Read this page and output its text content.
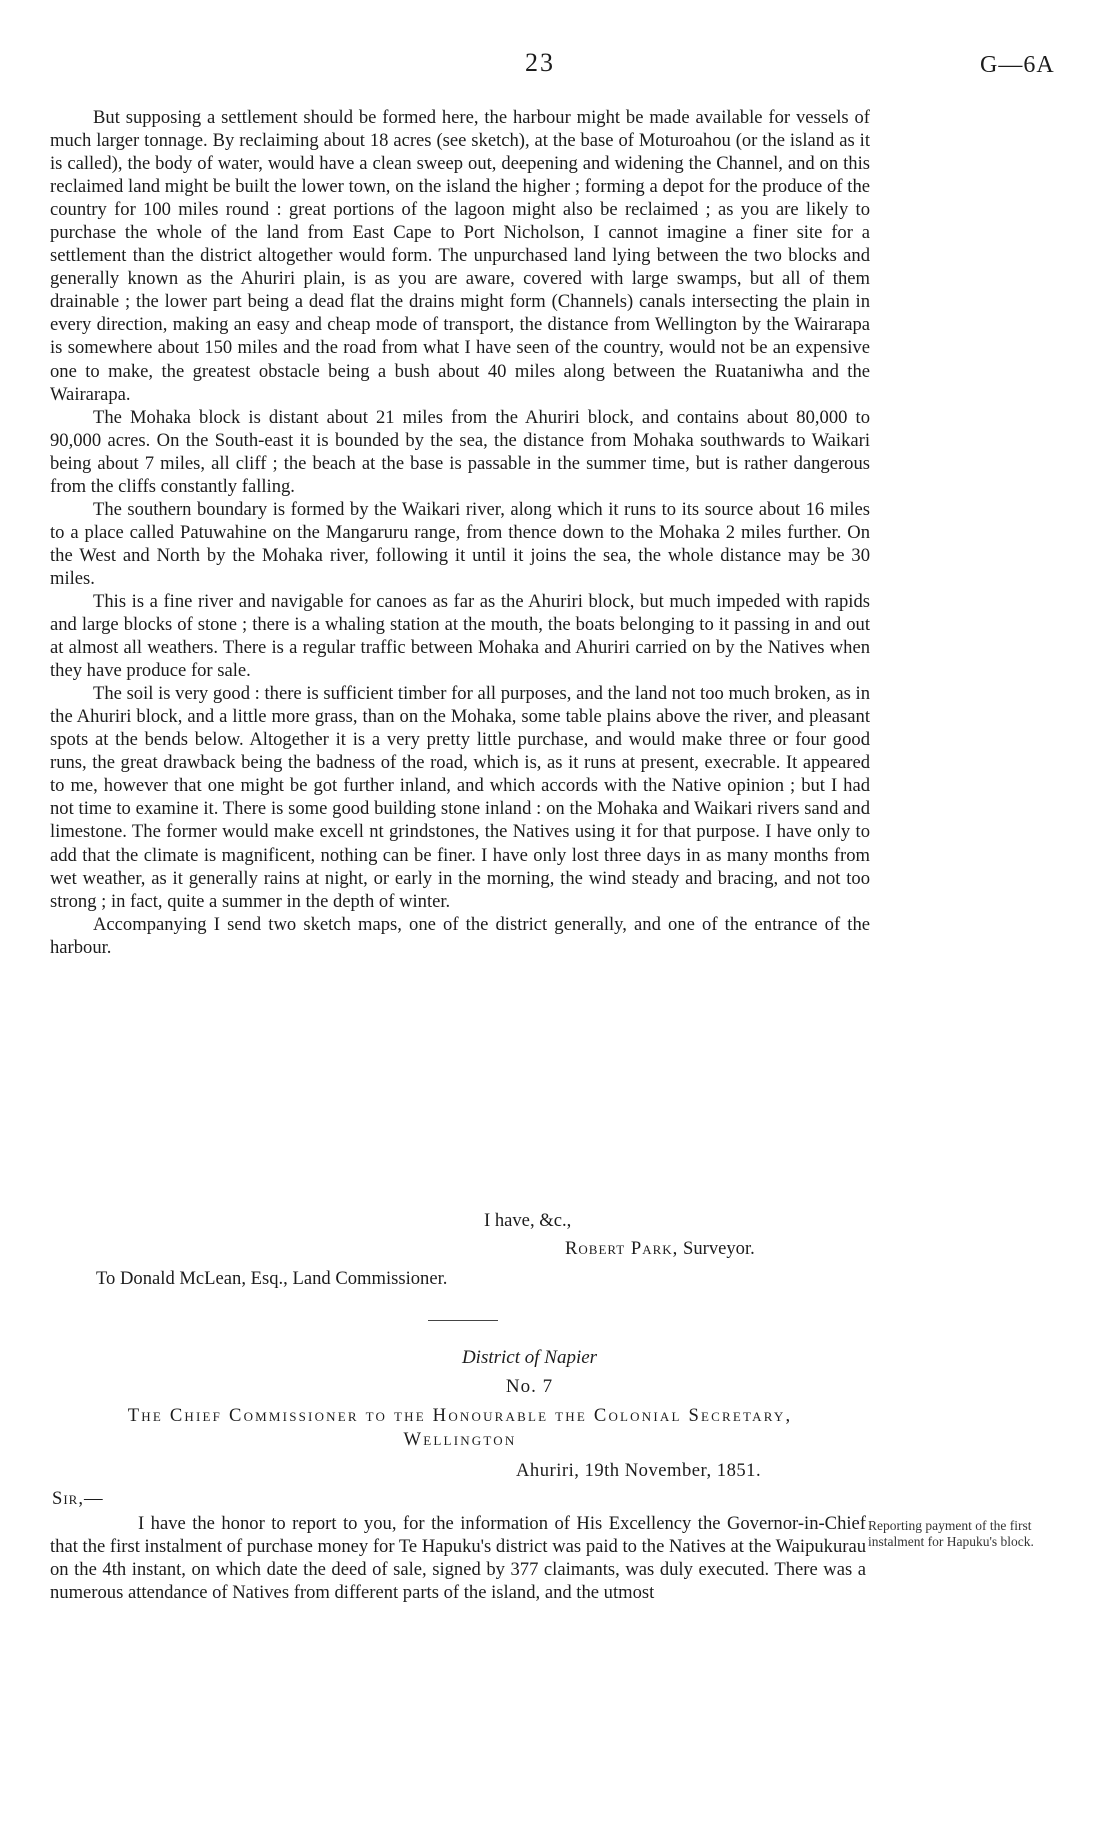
23	G—6A

But supposing a settlement should be formed here, the harbour might be made available for vessels of much larger tonnage. By reclaiming about 18 acres (see sketch), at the base of Moturoahou (or the island as it is called), the body of water, would have a clean sweep out, deepening and widening the Channel, and on this reclaimed land might be built the lower town, on the island the higher ; forming a depot for the produce of the country for 100 miles round : great portions of the lagoon might also be reclaimed ; as you are likely to purchase the whole of the land from East Cape to Port Nicholson, I cannot imagine a finer site for a settlement than the district altogether would form. The unpurchased land lying between the two blocks and generally known as the Ahuriri plain, is as you are aware, covered with large swamps, but all of them drainable ; the lower part being a dead flat the drains might form (Channels) canals intersecting the plain in every direction, making an easy and cheap mode of transport, the distance from Wellington by the Wairarapa is somewhere about 150 miles and the road from what I have seen of the country, would not be an expensive one to make, the greatest obstacle being a bush about 40 miles along between the Ruataniwha and the Wairarapa.

The Mohaka block is distant about 21 miles from the Ahuriri block, and contains about 80,000 to 90,000 acres. On the South-east it is bounded by the sea, the distance from Mohaka southwards to Waikari being about 7 miles, all cliff ; the beach at the base is passable in the summer time, but is rather dangerous from the cliffs constantly falling.

The southern boundary is formed by the Waikari river, along which it runs to its source about 16 miles to a place called Patuwahine on the Mangaruru range, from thence down to the Mohaka 2 miles further. On the West and North by the Mohaka river, following it until it joins the sea, the whole distance may be 30 miles.

This is a fine river and navigable for canoes as far as the Ahuriri block, but much impeded with rapids and large blocks of stone ; there is a whaling station at the mouth, the boats belonging to it passing in and out at almost all weathers. There is a regular traffic between Mohaka and Ahuriri carried on by the Natives when they have produce for sale.

The soil is very good : there is sufficient timber for all purposes, and the land not too much broken, as in the Ahuriri block, and a little more grass, than on the Mohaka, some table plains above the river, and pleasant spots at the bends below. Altogether it is a very pretty little purchase, and would make three or four good runs, the great drawback being the badness of the road, which is, as it runs at present, execrable. It appeared to me, however that one might be got further inland, and which accords with the Native opinion ; but I had not time to examine it. There is some good building stone inland : on the Mohaka and Waikari rivers sand and limestone. The former would make excell nt grindstones, the Natives using it for that purpose. I have only to add that the climate is magnificent, nothing can be finer. I have only lost three days in as many months from wet weather, as it generally rains at night, or early in the morning, the wind steady and bracing, and not too strong ; in fact, quite a summer in the depth of winter.

Accompanying I send two sketch maps, one of the district generally, and one of the entrance of the harbour.

I have, &c.,
Robert Park, Surveyor.
To Donald McLean, Esq., Land Commissioner.
District of Napier
No. 7
The Chief Commissioner to the Honourable the Colonial Secretary,
Wellington
Ahuriri, 19th November, 1851.
Sir,—

I have the honor to report to you, for the information of His Excellency the Governor-in-Chief that the first instalment of purchase money for Te Hapuku's district was paid to the Natives at the Waipukurau on the 4th instant, on which date the deed of sale, signed by 377 claimants, was duly executed. There was a numerous attendance of Natives from different parts of the island, and the utmost

Reporting payment of the first instalment for Hapuku's block.
